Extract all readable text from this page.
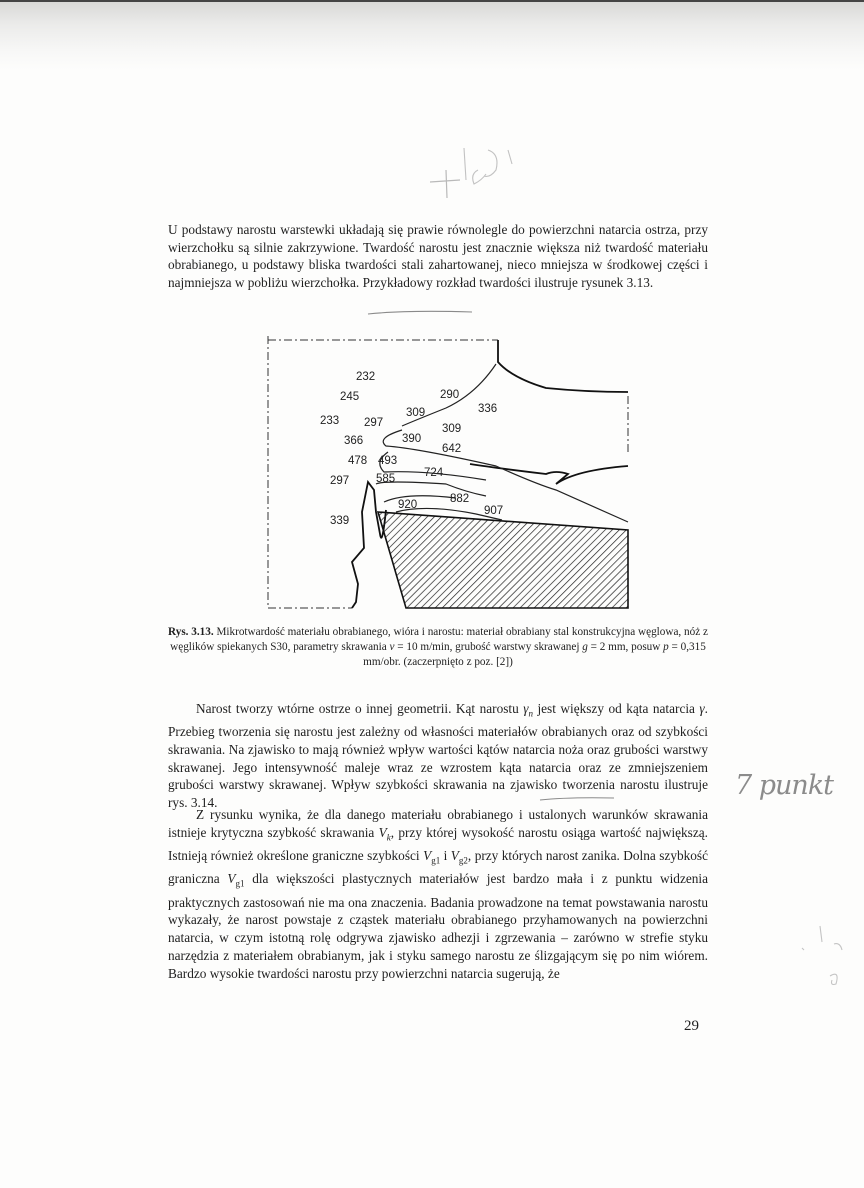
U podstawy narostu warstewki układają się prawie równolegle do powierzchni natarcia ostrza, przy wierzchołku są silnie zakrzywione. Twardość narostu jest znacznie większa niż twardość materiału obrabianego, u podstawy bliska twardości stali zahartowanej, nieco mniejsza w środkowej części i najmniejsza w pobliżu wierzchołka. Przykładowy rozkład twardości ilustruje rysunek 3.13.

232
290
245
309	336
233 297	309
366	390
642
478 493
724
297 585
920	882
907
339

Rys. 3.13. Mikrotwardość materiału obrabianego, wióra i narostu: materiał obrabiany stal konstrukcyjna węglowa, nóż z węglików spiekanych S30, parametry skrawania v = 10 m/min, grubość warstwy skrawanej g = 2 mm, posuw p = 0,315 mm/obr. (zaczerpnięto z poz. [2])

Narost tworzy wtórne ostrze o innej geometrii. Kąt narostu $\gamma_n$ jest większy od kąta natarcia γ. Przebieg tworzenia się narostu jest zależny od własności materiałów obrabianych oraz od szybkości skrawania. Na zjawisko to mają również wpływ wartości kątów natarcia noża oraz grubości warstwy skrawanej. Jego intensywność maleje wraz ze wzrostem kąta natarcia oraz ze zmniejszeniem grubości warstwy skrawanej. Wpływ szybkości skrawania na zjawisko tworzenia narostu ilustruje rys. 3.14.

Z rysunku wynika, że dla danego materiału obrabianego i ustalonych warunków skrawania istnieje krytyczna szybkość skrawania $V_k$, przy której wysokość narostu osiąga wartość największą. Istnieją również określone graniczne szybkości $V_{g1}$ i $V_{g2}$, przy których narost zanika. Dolna szybkość graniczna $V_{g1}$ dla większości plastycznych materiałów jest bardzo mała i z punktu widzenia praktycznych zastosowań nie ma ona znaczenia. Badania prowadzone na temat powstawania narostu wykazały, że narost powstaje z cząstek materiału obrabianego przyhamowanych na powierzchni natarcia, w czym istotną rolę odgrywa zjawisko adhezji i zgrzewania – zarówno w strefie styku narzędzia z materiałem obrabianym, jak i styku samego narostu ze ślizgającym się po nim wiórem. Bardzo wysokie twardości narostu przy powierzchni natarcia sugerują, że

7 punkt
29
